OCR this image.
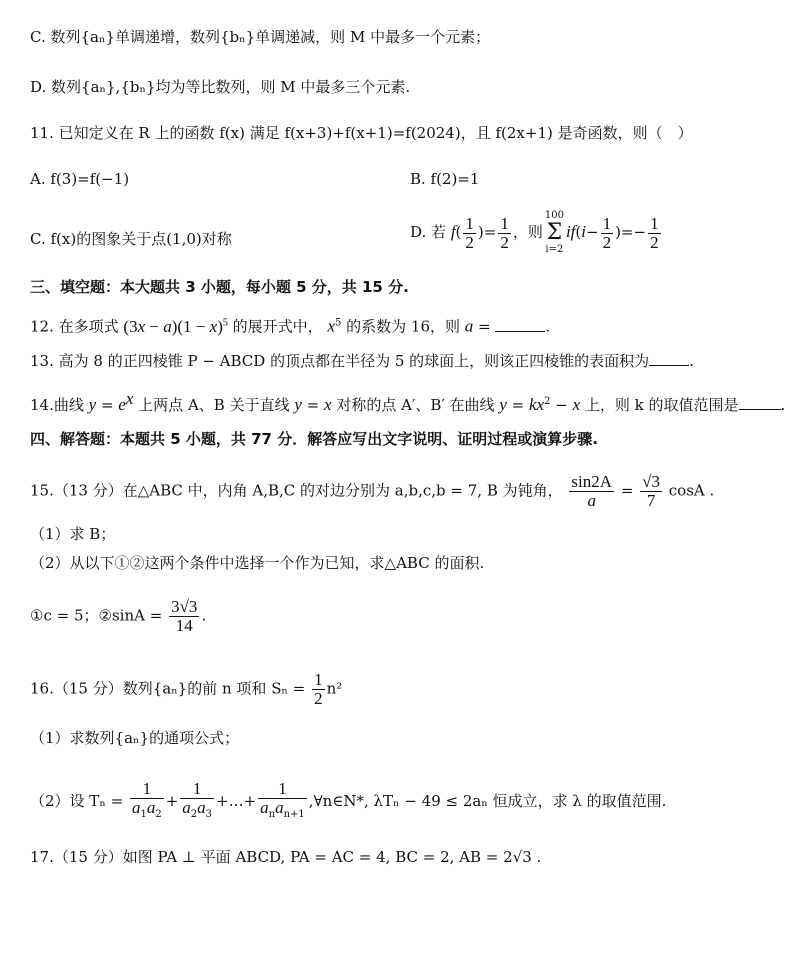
C. 数列{aₙ}单调递增，数列{bₙ}单调递减，则 M 中最多一个元素；
D. 数列{aₙ},{bₙ}均为等比数列，则 M 中最多三个元素.
11. 已知定义在 R 上的函数 f(x) 满足 f(x+3)+f(x+1)=f(2024)，且 f(2x+1) 是奇函数，则（　）
A. f(3)=f(−1)	B. f(2)=1
C. f(x)的图象关于点(1,0)对称	D. 若 $f( \frac{1}{2}$ )= $\frac{1}{2}$ ，则100
Σ
$i=2if(i- \frac{1}{2}$ )=− $\frac{1}{2}$
三、填空题：本大题共 3 小题，每小题 5 分，共 15 分.
12. 在多项式 $(3x - a)(1 - x)^5$ 的展开式中， $x^5$ 的系数为 16，则 a =	.
13. 高为 8 的正四棱锥 P − ABCD 的顶点都在半径为 5 的球面上，则该正四棱锥的表面积为	.
14.曲线 $y = e^x$ 上两点 A、B 关于直线 y = x 对称的点 A′、B′ 在曲线 $y = kx^2 - x$ 上，则 k 的取值范围是	.
四、解答题：本题共 5 小题，共 77 分．解答应写出文字说明、证明过程或演算步骤.
15.（13 分）在△ABC 中，内角 A,B,C 的对边分别为 a,b,c,b = 7, B 为钝角， $\frac{\sin 2A}{a} = \frac{√3}{7}$ cosA .
（1）求 B；
（2）从以下①②这两个条件中选择一个作为已知，求△ABC 的面积.
①c = 5；②sinA = $\frac{3√3}{14}$ .
16.（15 分）数列{aₙ}的前 n 项和 $S_n = \frac{1}{2} n^2$
（1）求数列{aₙ}的通项公式；
（2）设 $T_n = \frac{1}{a_1a_2} + \frac{1}{a_2a_3}$ +…+ $\frac{1}{a_na_{n+1}}$ ,∀n∈N*, λTₙ − 49 ≤ 2aₙ 恒成立，求 λ 的取值范围.
17.（15 分）如图 PA ⊥ 平面 ABCD, PA = AC = 4, BC = 2, AB = 2√3 .
